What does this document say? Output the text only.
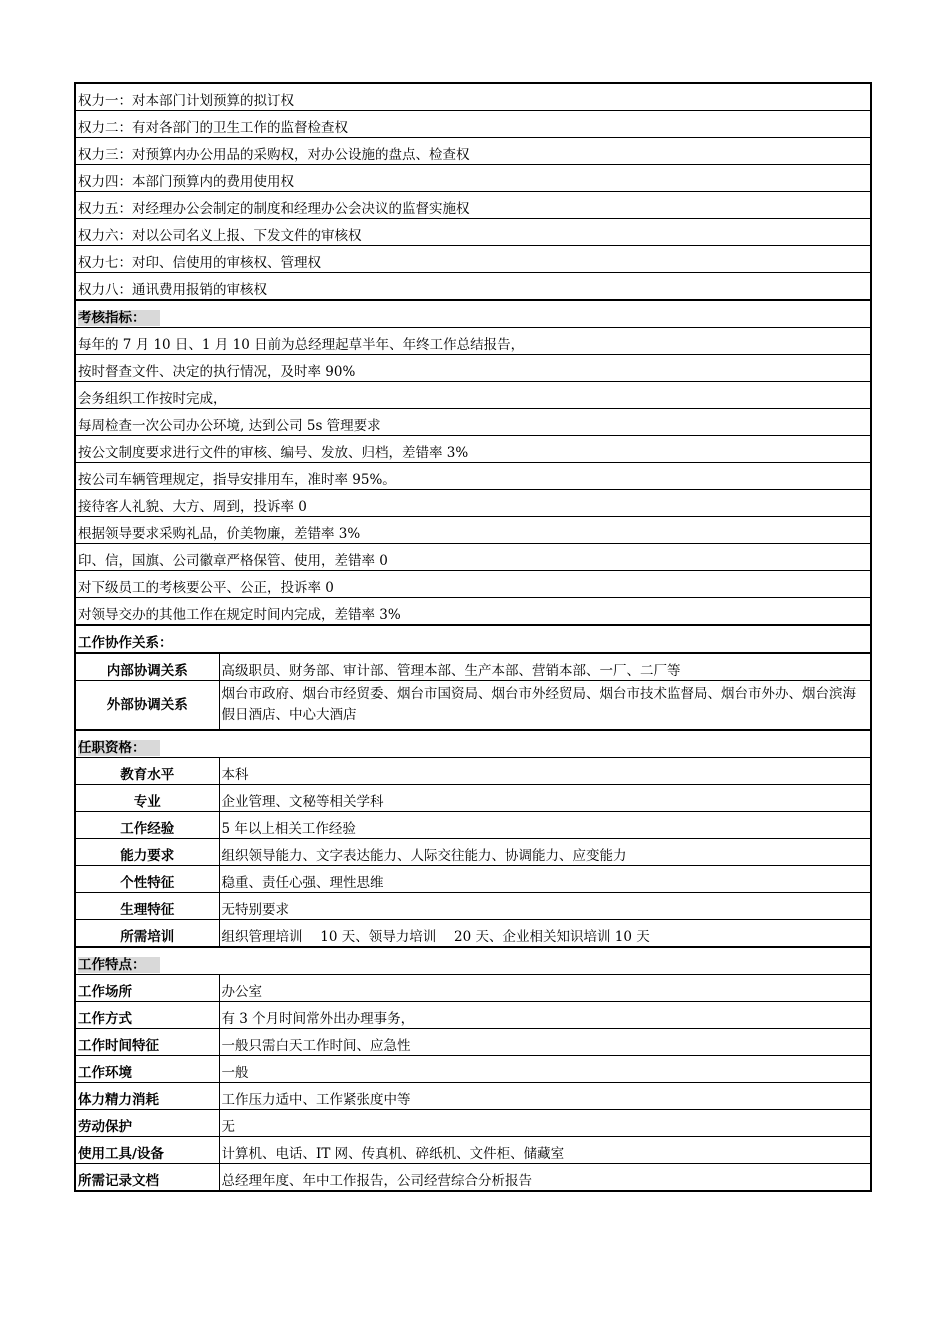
权力一：对本部门计划预算的拟订权	
权力二：有对各部门的卫生工作的监督检查权	
权力三：对预算内办公用品的采购权，对办公设施的盘点、检查权	
权力四：本部门预算内的费用使用权	
权力五：对经理办公会制定的制度和经理办公会决议的监督实施权	
权力六：对以公司名义上报、下发文件的审核权	
权力七：对印、信使用的审核权、管理权	
权力八：通讯费用报销的审核权	
考核指标：	
每年的 7 月 10 日、1 月 10 日前为总经理起草半年、年终工作总结报告，	
按时督查文件、决定的执行情况，及时率 90%	
会务组织工作按时完成，	
每周检查一次公司办公环境, 达到公司 5s 管理要求	
按公文制度要求进行文件的审核、编号、发放、归档，差错率 3%	
按公司车辆管理规定，指导安排用车，准时率 95%。	
接待客人礼貌、大方、周到，投诉率 0	
根据领导要求采购礼品，价美物廉，差错率 3%	
印、信，国旗、公司徽章严格保管、使用，差错率 0	
对下级员工的考核要公平、公正，投诉率 0	
对领导交办的其他工作在规定时间内完成，差错率 3%	
工作协作关系：	
内部协调关系	高级职员、财务部、审计部、管理本部、生产本部、营销本部、一厂、二厂等
外部协调关系	烟台市政府、烟台市经贸委、烟台市国资局、烟台市外经贸局、烟台市技术监督局、烟台市外办、烟台滨海假日酒店、中心大酒店
任职资格：	
教育水平	本科
专业	企业管理、文秘等相关学科
工作经验	5 年以上相关工作经验
能力要求	组织领导能力、文字表达能力、人际交往能力、协调能力、应变能力
个性特征	稳重、责任心强、理性思维
生理特征	无特别要求
所需培训	组织管理培训　 10 天、领导力培训　 20 天、企业相关知识培训 10 天
工作特点：	
工作场所	办公室
工作方式	有 3 个月时间常外出办理事务，
工作时间特征	一般只需白天工作时间、应急性
工作环境	一般
体力精力消耗	工作压力适中、工作紧张度中等
劳动保护	无
使用工具/设备	计算机、电话、IT 网、传真机、碎纸机、文件柜、储藏室
所需记录文档	总经理年度、年中工作报告，公司经营综合分析报告
